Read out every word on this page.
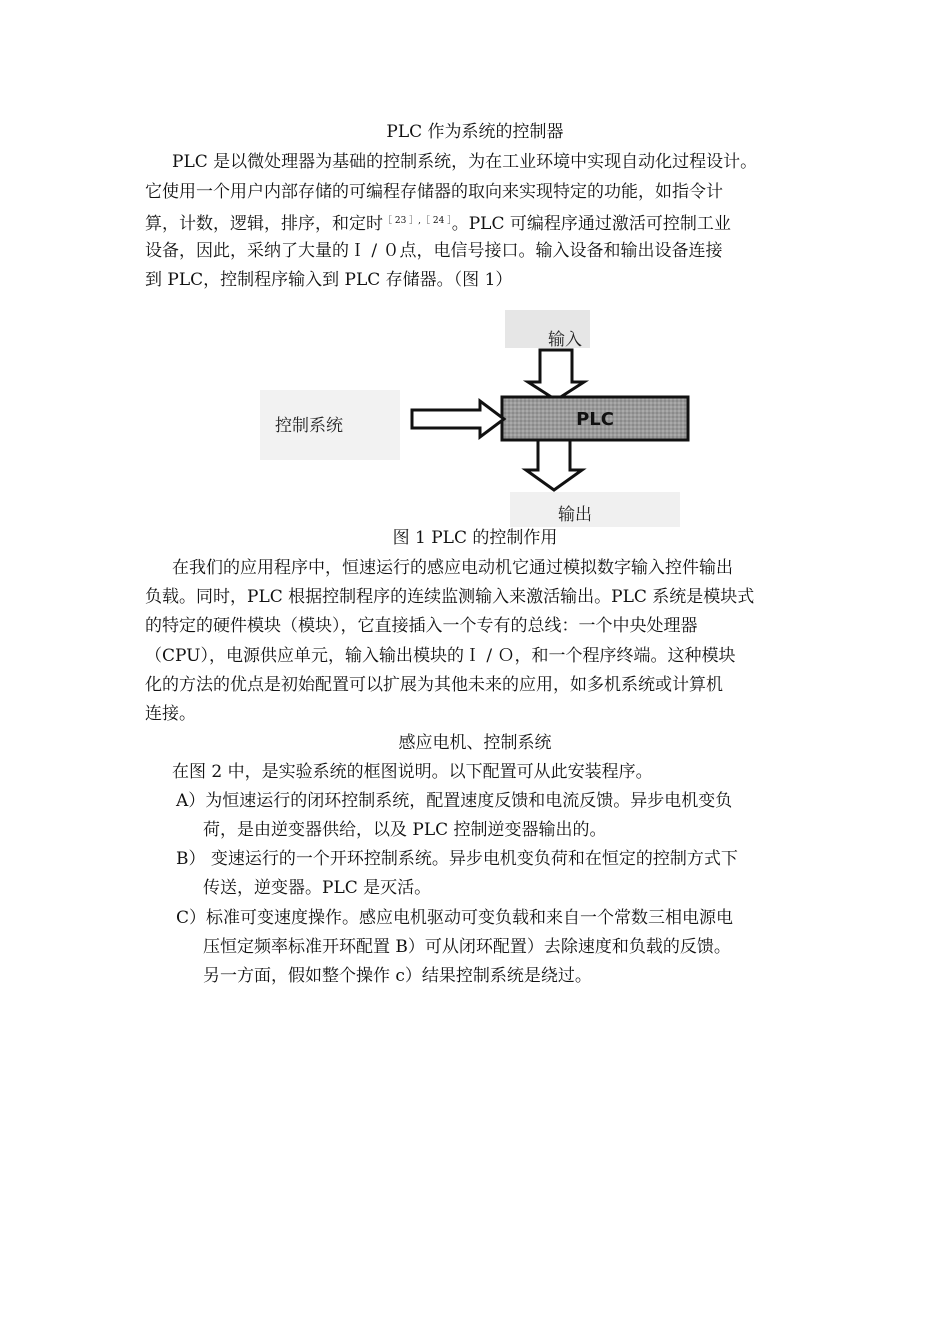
PLC 作为系统的控制器
PLC 是以微处理器为基础的控制系统，为在工业环境中实现自动化过程设计。
它使用一个用户内部存储的可编程存储器的取向来实现特定的功能，如指令计
算，计数，逻辑，排序，和定时$^{[ 23 ],[ 24 ]}$。PLC 可编程序通过激活可控制工业
设备，因此，采纳了大量的Ｉ / ０点，电信号接口。输入设备和输出设备连接
到 PLC，控制程序输入到 PLC 存储器。（图 1）
输入
PLC
控制系统
输出
图 1 PLC 的控制作用
在我们的应用程序中，恒速运行的感应电动机它通过模拟数字输入控件输出
负载。同时，PLC 根据控制程序的连续监测输入来激活输出。PLC 系统是模块式
的特定的硬件模块（模块），它直接插入一个专有的总线：一个中央处理器
（CPU），电源供应单元，输入输出模块的Ｉ / Ｏ，和一个程序终端。这种模块
化的方法的优点是初始配置可以扩展为其他未来的应用，如多机系统或计算机
连接。
感应电机、控制系统
在图 2 中，是实验系统的框图说明。以下配置可从此安装程序。
A）为恒速运行的闭环控制系统，配置速度反馈和电流反馈。异步电机变负
荷，是由逆变器供给，以及 PLC 控制逆变器输出的。
B） 变速运行的一个开环控制系统。异步电机变负荷和在恒定的控制方式下
传送，逆变器。PLC 是灭活。
C）标准可变速度操作。感应电机驱动可变负载和来自一个常数三相电源电
压恒定频率标准开环配置 B）可从闭环配置）去除速度和负载的反馈。
另一方面，假如整个操作 c）结果控制系统是绕过。
